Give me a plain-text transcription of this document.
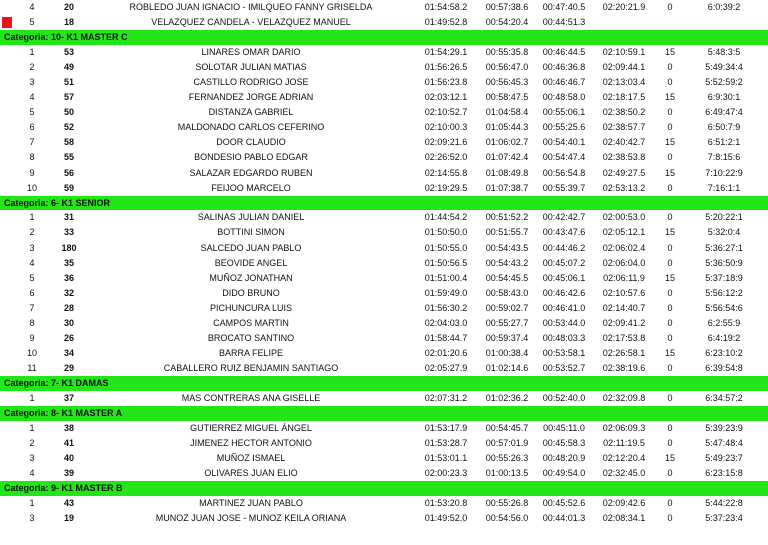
4	20	ROBLEDO JUAN IGNACIO - IMILQUEO FANNY GRISELDA	01:54:58.2	00:57:38.6	00:47:40.5	02:20:21.9	0	6:0:39:2
5	18	VELAZQUEZ CANDELA - VELAZQUEZ MANUEL	01:49:52.8	00:54:20.4	00:44:51.3
Categoria: 10- K1 MASTER C
1	53	LINARES OMAR DARIO	01:54:29.1	00:55:35.8	00:46:44.5	02:10:59.1	15	5:48:3:5
2	49	SOLOTAR JULIAN MATIAS	01:56:26.5	00:56:47.0	00:46:36.8	02:09:44.1	0	5:49:34:4
3	51	CASTILLO RODRIGO JOSE	01:56:23.8	00:56:45.3	00:46:46.7	02:13:03.4	0	5:52:59:2
4	57	FERNANDEZ JORGE ADRIAN	02:03:12.1	00:58:47.5	00:48:58.0	02:18:17.5	15	6:9:30:1
5	50	DISTANZA GABRIEL	02:10:52.7	01:04:58.4	00:55:06.1	02:38:50.2	0	6:49:47:4
6	52	MALDONADO CARLOS CEFERINO	02:10:00.3	01:05:44.3	00:55:25.6	02:38:57.7	0	6:50:7:9
7	58	DOOR CLAUDIO	02:09:21.6	01:06:02.7	00:54:40.1	02:40:42.7	15	6:51:2:1
8	55	BONDESIO PABLO EDGAR	02:26:52.0	01:07:42.4	00:54:47.4	02:38:53.8	0	7:8:15:6
9	56	SALAZAR EDGARDO RUBEN	02:14:55.8	01:08:49.8	00:56:54.8	02:49:27.5	15	7:10:22:9
10	59	FEIJOO MARCELO	02:19:29.5	01:07:38.7	00:55:39.7	02:53:13.2	0	7:16:1:1
Categoria: 6- K1 SENIOR
1	31	SALINAS JULIAN DANIEL	01:44:54.2	00:51:52.2	00:42:42.7	02:00:53.0	0	5:20:22:1
2	33	BOTTINI SIMON	01:50:50.0	00:51:55.7	00:43:47.6	02:05:12.1	15	5:32:0:4
3	180	SALCEDO JUAN PABLO	01:50:55.0	00:54:43.5	00:44:46.2	02:06:02.4	0	5:36:27:1
4	35	BEOVIDE ANGEL	01:50:56.5	00:54:43.2	00:45:07.2	02:06:04.0	0	5:36:50:9
5	36	MUÑOZ JONATHAN	01:51:00.4	00:54:45.5	00:45:06.1	02:06:11.9	15	5:37:18:9
6	32	DIDO BRUNO	01:59:49.0	00:58:43.0	00:46:42.6	02:10:57.6	0	5:56:12:2
7	28	PICHUNCURA LUIS	01:56:30.2	00:59:02.7	00:46:41.0	02:14:40.7	0	5:56:54:6
8	30	CAMPOS MARTIN	02:04:03.0	00:55:27.7	00:53:44.0	02:09:41.2	0	6:2:55:9
9	26	BROCATO SANTINO	01:58:44.7	00:59:37.4	00:48:03.3	02:17:53.8	0	6:4:19:2
10	34	BARRA FELIPE	02:01:20.6	01:00:38.4	00:53:58.1	02:26:58.1	15	6:23:10:2
11	29	CABALLERO RUIZ BENJAMIN SANTIAGO	02:05:27.9	01:02:14.6	00:53:52.7	02:38:19.6	0	6:39:54:8
Categoria: 7- K1 DAMAS
1	37	MAS CONTRERAS ANA GISELLE	02:07:31.2	01:02:36.2	00:52:40.0	02:32:09.8	0	6:34:57:2
Categoria: 8- K1 MASTER A
1	38	GUTIERREZ MIGUEL ÁNGEL	01:53:17.9	00:54:45.7	00:45:11.0	02:06:09.3	0	5:39:23:9
2	41	JIMENEZ HECTOR ANTONIO	01:53:28.7	00:57:01.9	00:45:58.3	02:11:19.5	0	5:47:48:4
3	40	MUÑOZ ISMAEL	01:53:01.1	00:55:26.3	00:48:20.9	02:12:20.4	15	5:49:23:7
4	39	OLIVARES JUAN ELIO	02:00:23.3	01:00:13.5	00:49:54.0	02:32:45.0	0	6:23:15:8
Categoria: 9- K1 MASTER B
1	43	MARTINEZ JUAN PABLO	01:53:20.8	00:55:26.8	00:45:52.6	02:09:42.6	0	5:44:22:8
3	19	MUNOZ JUAN JOSE - MUNOZ KEILA ORIANA	01:49:52.0	00:54:56.0	00:44:01.3	02:08:34.1	0	5:37:23:4
